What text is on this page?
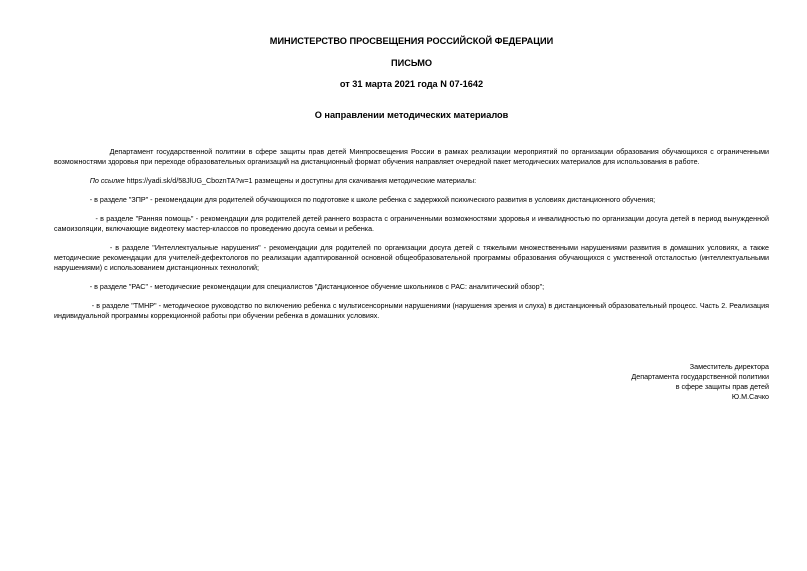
МИНИСТЕРСТВО ПРОСВЕЩЕНИЯ РОССИЙСКОЙ ФЕДЕРАЦИИ
ПИСЬМО
от 31 марта 2021 года N 07-1642
О направлении методических материалов

Департамент государственной политики в сфере защиты прав детей Минпросвещения России в рамках реализации мероприятий по организации образования обучающихся с ограниченными возможностями здоровья при переходе образовательных организаций на дистанционный формат обучения направляет очередной пакет методических материалов для использования в работе.

По ссылке https://yadi.sk/d/58JlUG_CboznTA?w=1 размещены и доступны для скачивания методические материалы:

- в разделе "ЗПР" - рекомендации для родителей обучающихся по подготовке к школе ребенка с задержкой психического развития в условиях дистанционного обучения;

- в разделе "Ранняя помощь" - рекомендации для родителей детей раннего возраста с ограниченными возможностями здоровья и инвалидностью по организации досуга детей в период вынужденной самоизоляции, включающие видеотеку мастер-классов по проведению досуга семьи и ребенка.

- в разделе "Интеллектуальные нарушения" - рекомендации для родителей по организации досуга детей с тяжелыми множественными нарушениями развития в домашних условиях, а также методические рекомендации для учителей-дефектологов по реализации адаптированной основной общеобразовательной программы образования обучающихся с умственной отсталостью (интеллектуальными нарушениями) с использованием дистанционных технологий;

- в разделе "РАС" - методические рекомендации для специалистов "Дистанционное обучение школьников с РАС: аналитический обзор";

- в разделе "ТМНР" - методическое руководство по включению ребенка с мультисенсорными нарушениями (нарушения зрения и слуха) в дистанционный образовательный процесс. Часть 2. Реализация индивидуальной программы коррекционной работы при обучении ребенка в домашних условиях.

Заместитель директора
Департамента государственной политики
в сфере защиты прав детей
Ю.М.Сачко
